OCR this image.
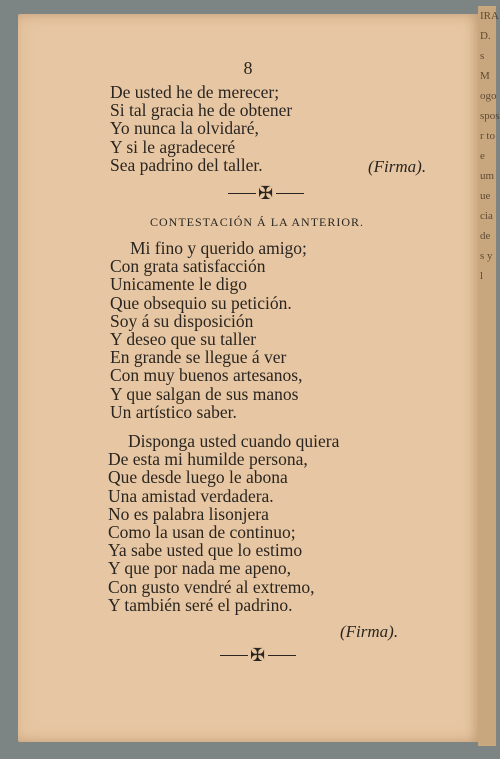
IRA
D.
s
M
ogo
spos
r to
e
um
ue
cia
de
s y
l
8
De usted he de merecer;
Si tal gracia he de obtener
Yo nunca la olvidaré,
Y si le agradeceré
Sea padrino del taller.	(Firma).
✠
CONTESTACIÓN Á LA ANTERIOR.
Mi fino y querido amigo;
Con grata satisfacción
Unicamente le digo
Que obsequio su petición.
Soy á su disposición
Y deseo que su taller
En grande se llegue á ver
Con muy buenos artesanos,
Y que salgan de sus manos
Un artístico saber.
Disponga usted cuando quiera
De esta mi humilde persona,
Que desde luego le abona
Una amistad verdadera.
No es palabra lisonjera
Como la usan de continuo;
Ya sabe usted que lo estimo
Y que por nada me apeno,
Con gusto vendré al extremo,
Y también seré el padrino.
(Firma).
✠
